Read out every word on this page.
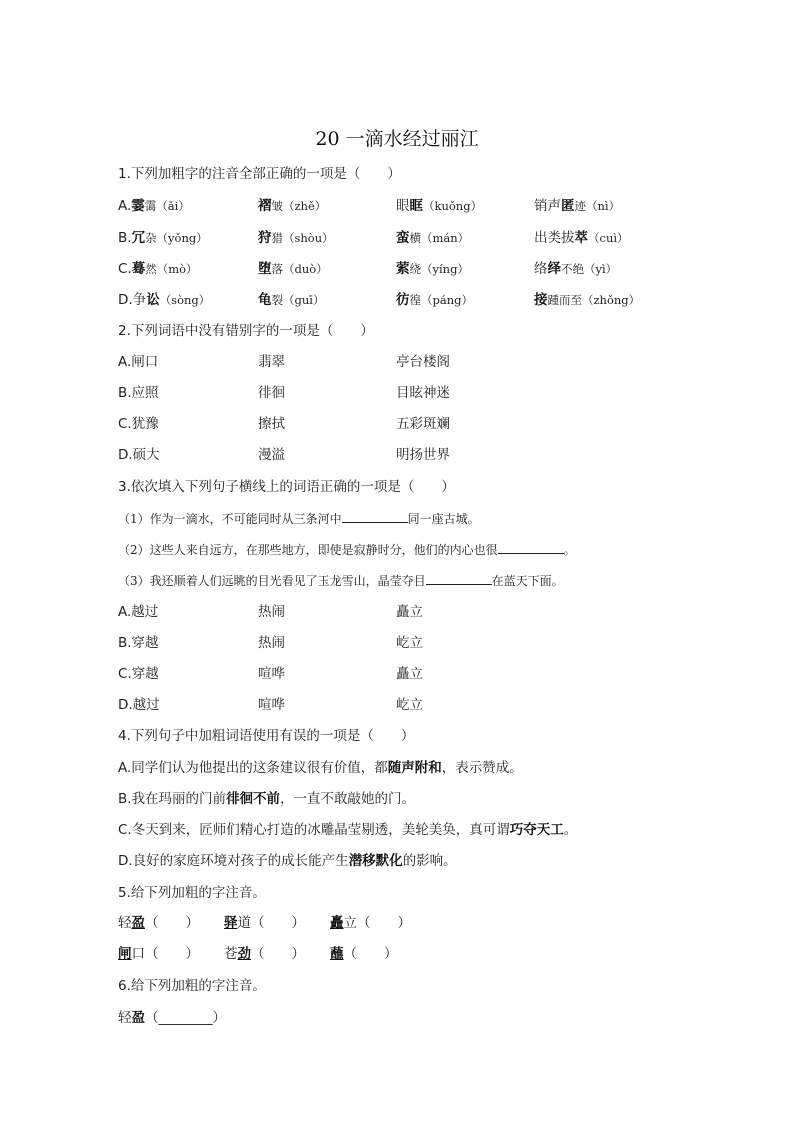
20 一滴水经过丽江
1.下列加粗字的注音全部正确的一项是（　　）
A.霎霭（ǎi）	褶皱（zhě）	眼眶（kuǒng）	销声匿迹（nì）
B.冗杂（yǒng）	狩猎（shòu）	蛮横（mán）	出类拔萃（cuì）
C.蓦然（mò）	堕落（duò）	萦绕（yíng）	络绎不绝（yì）
D.争讼（sòng）	龟裂（guī）	彷徨（páng）	接踵而至（zhǒng）
2.下列词语中没有错别字的一项是（　　）
A.闸口	翡翠	亭台楼阁
B.应照	徘徊	目眩神迷
C.犹豫	擦拭	五彩斑斓
D.硕大	漫溢	明扬世界
3.依次填入下列句子横线上的词语正确的一项是（　　）
（1）作为一滴水，不可能同时从三条河中	同一座古城。
（2）这些人来自远方，在那些地方，即使是寂静时分，他们的内心也很	。
（3）我还顺着人们远眺的目光看见了玉龙雪山，晶莹夺目	在蓝天下面。
A.越过	热闹	矗立
B.穿越	热闹	屹立
C.穿越	喧哗	矗立
D.越过	喧哗	屹立
4.下列句子中加粗词语使用有误的一项是（　　）
A.同学们认为他提出的这条建议很有价值，都随声附和，表示赞成。
B.我在玛丽的门前徘徊不前，一直不敢敲她的门。
C.冬天到来，匠师们精心打造的冰雕晶莹剔透，美轮美奂，真可谓巧夺天工。
D.良好的家庭环境对孩子的成长能产生潜移默化的影响。
5.给下列加粗的字注音。
轻盈（　　） 驿道（　　） 矗立（　　）
闸口（　　） 苍劲（　　） 蘸（　　）
6.给下列加粗的字注音。
轻盈（________）
